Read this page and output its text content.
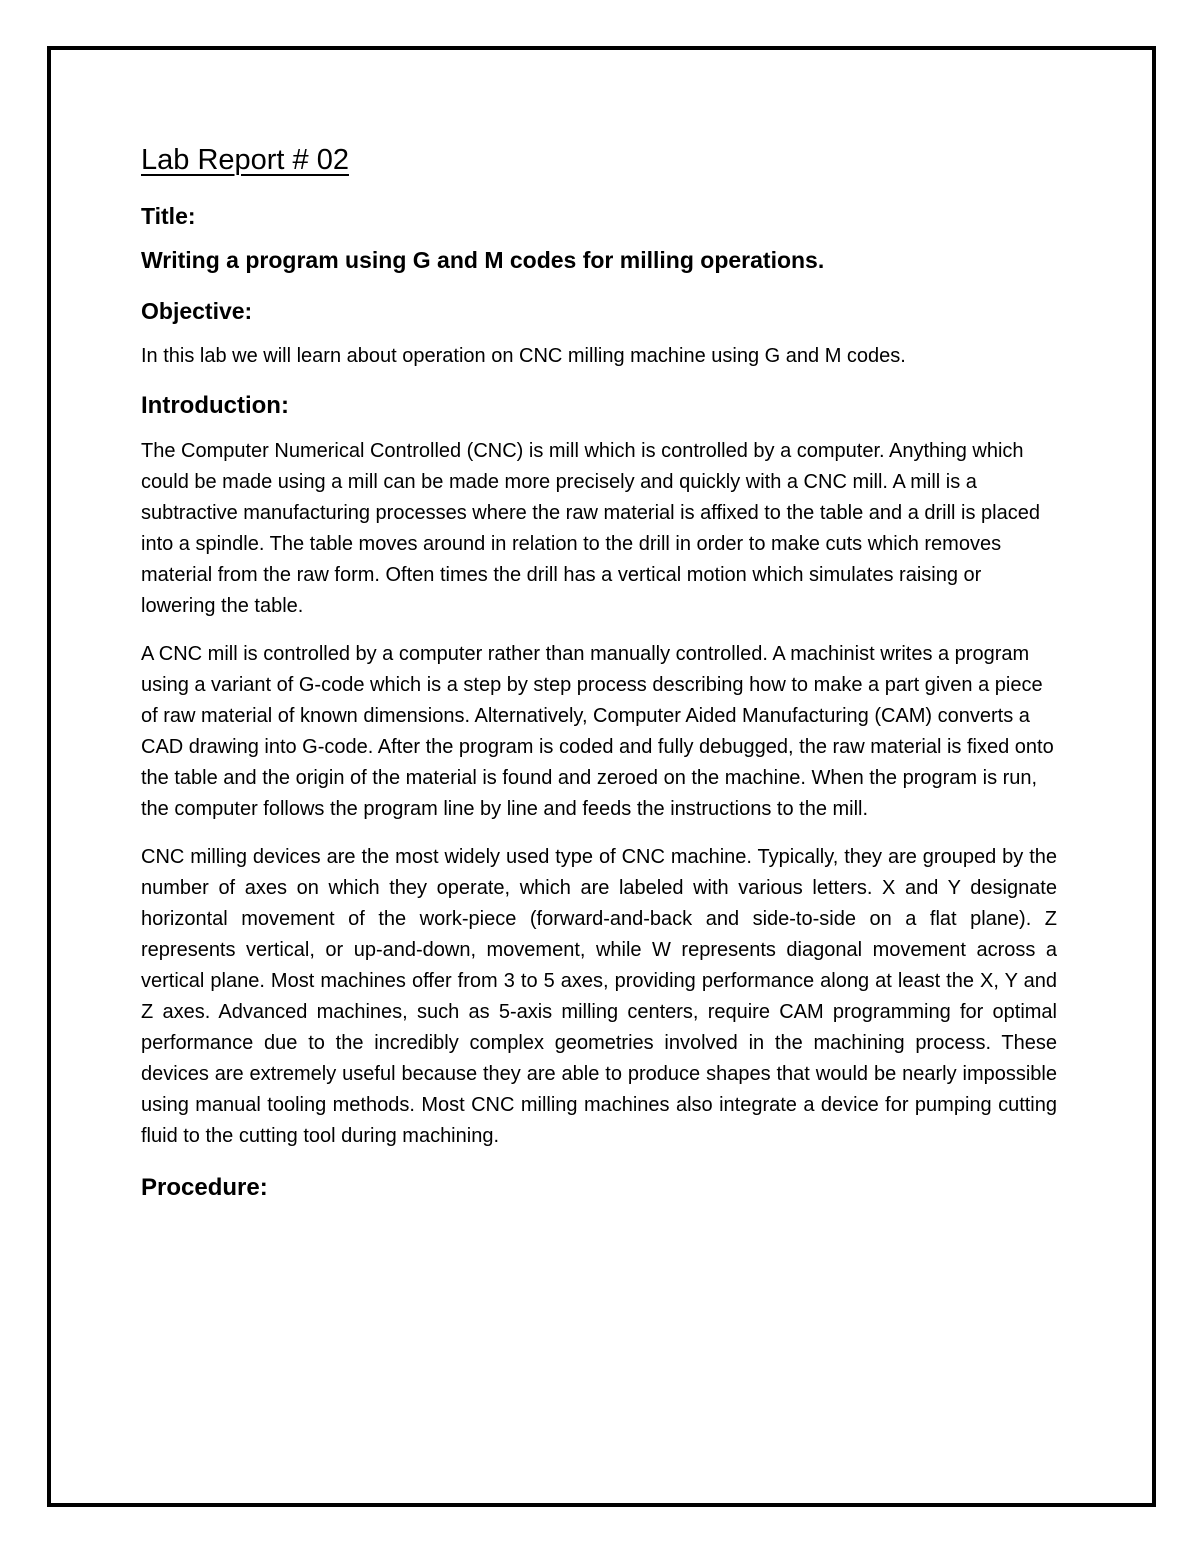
Lab Report # 02
Title:
Writing a program using G and M codes for milling operations.
Objective:

In this lab we will learn about operation on CNC milling machine using G and M codes.

Introduction:

The Computer Numerical Controlled (CNC) is mill which is controlled by a computer. Anything which could be made using a mill can be made more precisely and quickly with a CNC mill. A mill is a subtractive manufacturing processes where the raw material is affixed to the table and a drill is placed into a spindle. The table moves around in relation to the drill in order to make cuts which removes material from the raw form. Often times the drill has a vertical motion which simulates raising or lowering the table.

A CNC mill is controlled by a computer rather than manually controlled. A machinist writes a program using a variant of G-code which is a step by step process describing how to make a part given a piece of raw material of known dimensions. Alternatively, Computer Aided Manufacturing (CAM) converts a CAD drawing into G-code. After the program is coded and fully debugged, the raw material is fixed onto the table and the origin of the material is found and zeroed on the machine. When the program is run, the computer follows the program line by line and feeds the instructions to the mill.

CNC milling devices are the most widely used type of CNC machine. Typically, they are grouped by the number of axes on which they operate, which are labeled with various letters. X and Y designate horizontal movement of the work-piece (forward-and-back and side-to-side on a flat plane). Z represents vertical, or up-and-down, movement, while W represents diagonal movement across a vertical plane. Most machines offer from 3 to 5 axes, providing performance along at least the X, Y and Z axes. Advanced machines, such as 5-axis milling centers, require CAM programming for optimal performance due to the incredibly complex geometries involved in the machining process. These devices are extremely useful because they are able to produce shapes that would be nearly impossible using manual tooling methods. Most CNC milling machines also integrate a device for pumping cutting fluid to the cutting tool during machining.

Procedure:
